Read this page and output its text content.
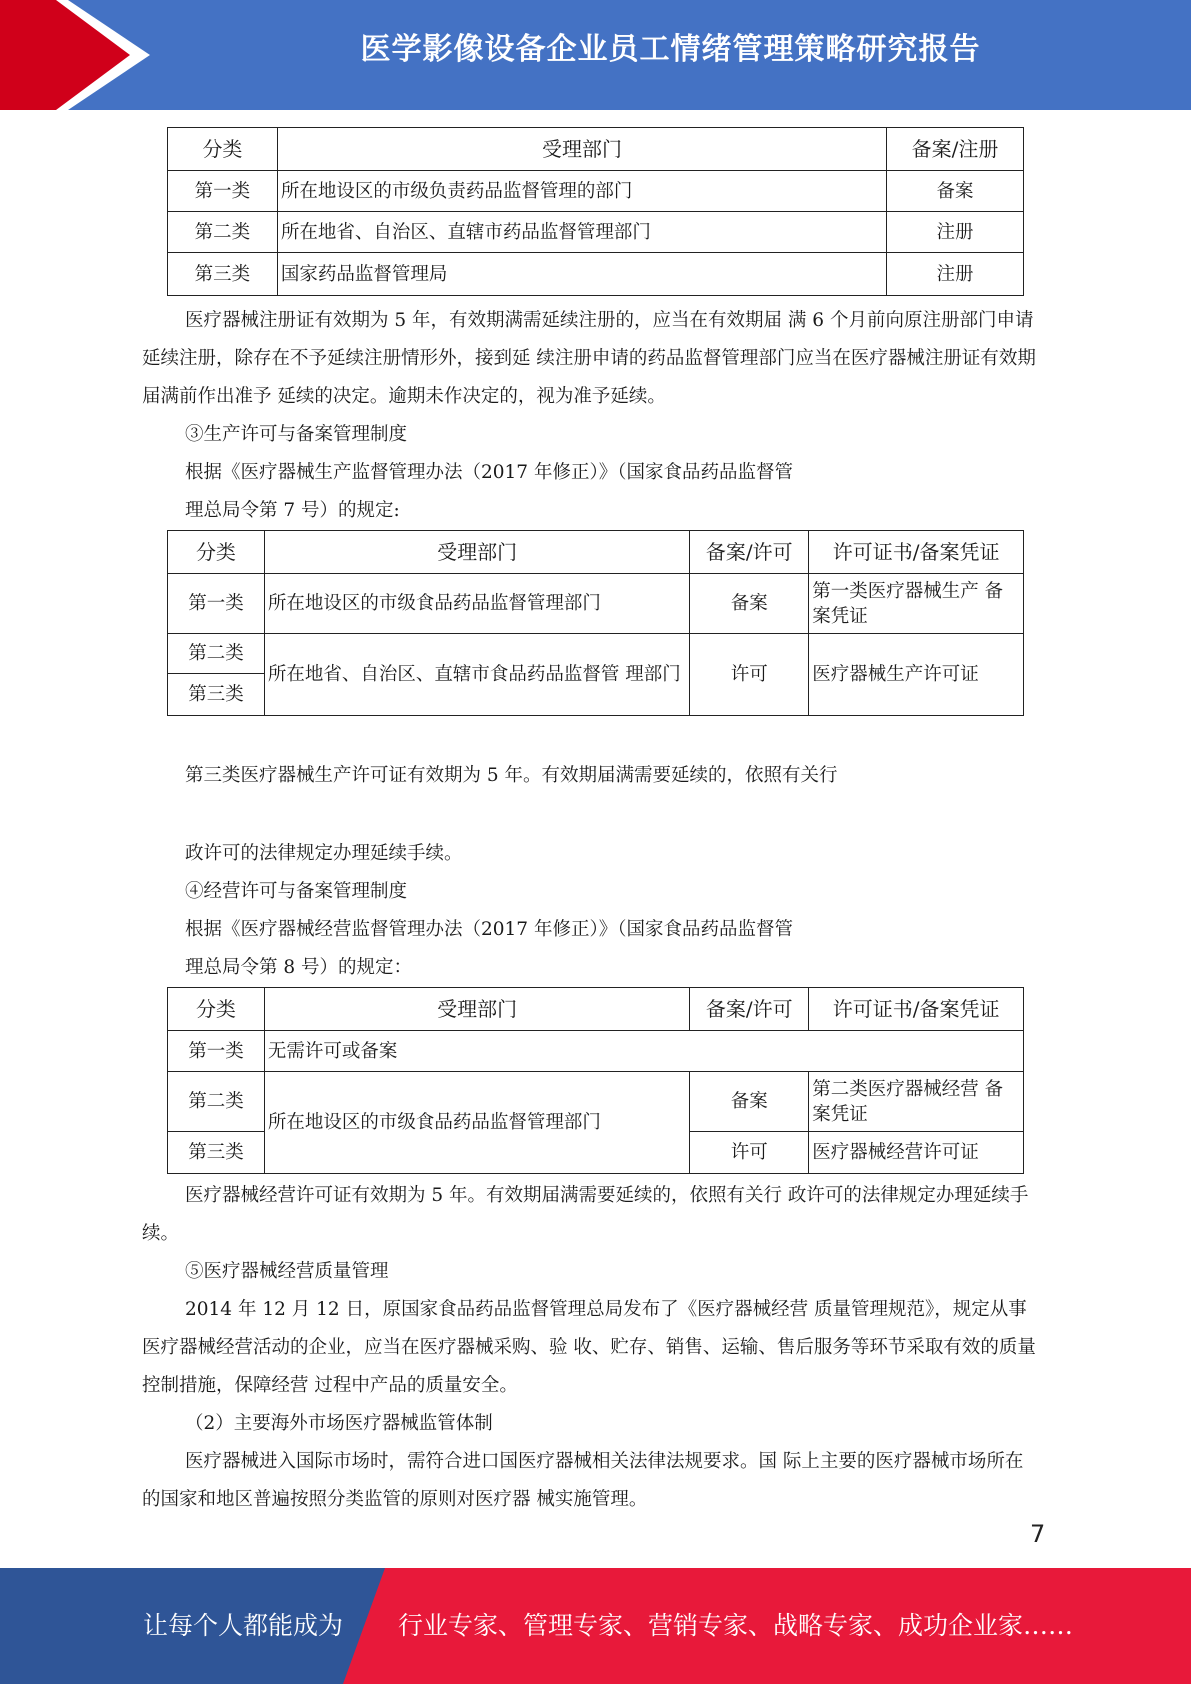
医学影像设备企业员工情绪管理策略研究报告
分类	受理部门	备案/注册
第一类	所在地设区的市级负责药品监督管理的部门	备案
第二类	所在地省、自治区、直辖市药品监督管理部门	注册
第三类	国家药品监督管理局	注册

医疗器械注册证有效期为 5 年，有效期满需延续注册的，应当在有效期届 满 6 个月前向原注册部门申请延续注册，除存在不予延续注册情形外，接到延 续注册申请的药品监督管理部门应当在医疗器械注册证有效期届满前作出准予 延续的决定。逾期未作决定的，视为准予延续。

③生产许可与备案管理制度

根据《医疗器械生产监督管理办法（2017 年修正）》（国家食品药品监督管

理总局令第 7 号）的规定:

分类	受理部门	备案/许可	许可证书/备案凭证
第一类	所在地设区的市级食品药品监督管理部门	备案	第一类医疗器械生产 备案凭证
第二类	所在地省、自治区、直辖市食品药品监督管 理部门	许可	医疗器械生产许可证
第三类			

第三类医疗器械生产许可证有效期为 5 年。有效期届满需要延续的，依照有关行

政许可的法律规定办理延续手续。

④经营许可与备案管理制度

根据《医疗器械经营监督管理办法（2017 年修正）》（国家食品药品监督管

理总局令第 8 号）的规定：

分类	受理部门	备案/许可	许可证书/备案凭证
第一类	无需许可或备案		
第二类	所在地设区的市级食品药品监督管理部门	备案	第二类医疗器械经营 备案凭证
第三类		许可	医疗器械经营许可证

医疗器械经营许可证有效期为 5 年。有效期届满需要延续的，依照有关行 政许可的法律规定办理延续手续。

⑤医疗器械经营质量管理

2014 年 12 月 12 日，原国家食品药品监督管理总局发布了《医疗器械经营 质量管理规范》，规定从事医疗器械经营活动的企业，应当在医疗器械采购、验 收、贮存、销售、运输、售后服务等环节采取有效的质量控制措施，保障经营 过程中产品的质量安全。

（2）主要海外市场医疗器械监管体制

医疗器械进入国际市场时，需符合进口国医疗器械相关法律法规要求。国 际上主要的医疗器械市场所在的国家和地区普遍按照分类监管的原则对医疗器 械实施管理。

7
让每个人都能成为 行业专家、管理专家、营销专家、战略专家、成功企业家……
